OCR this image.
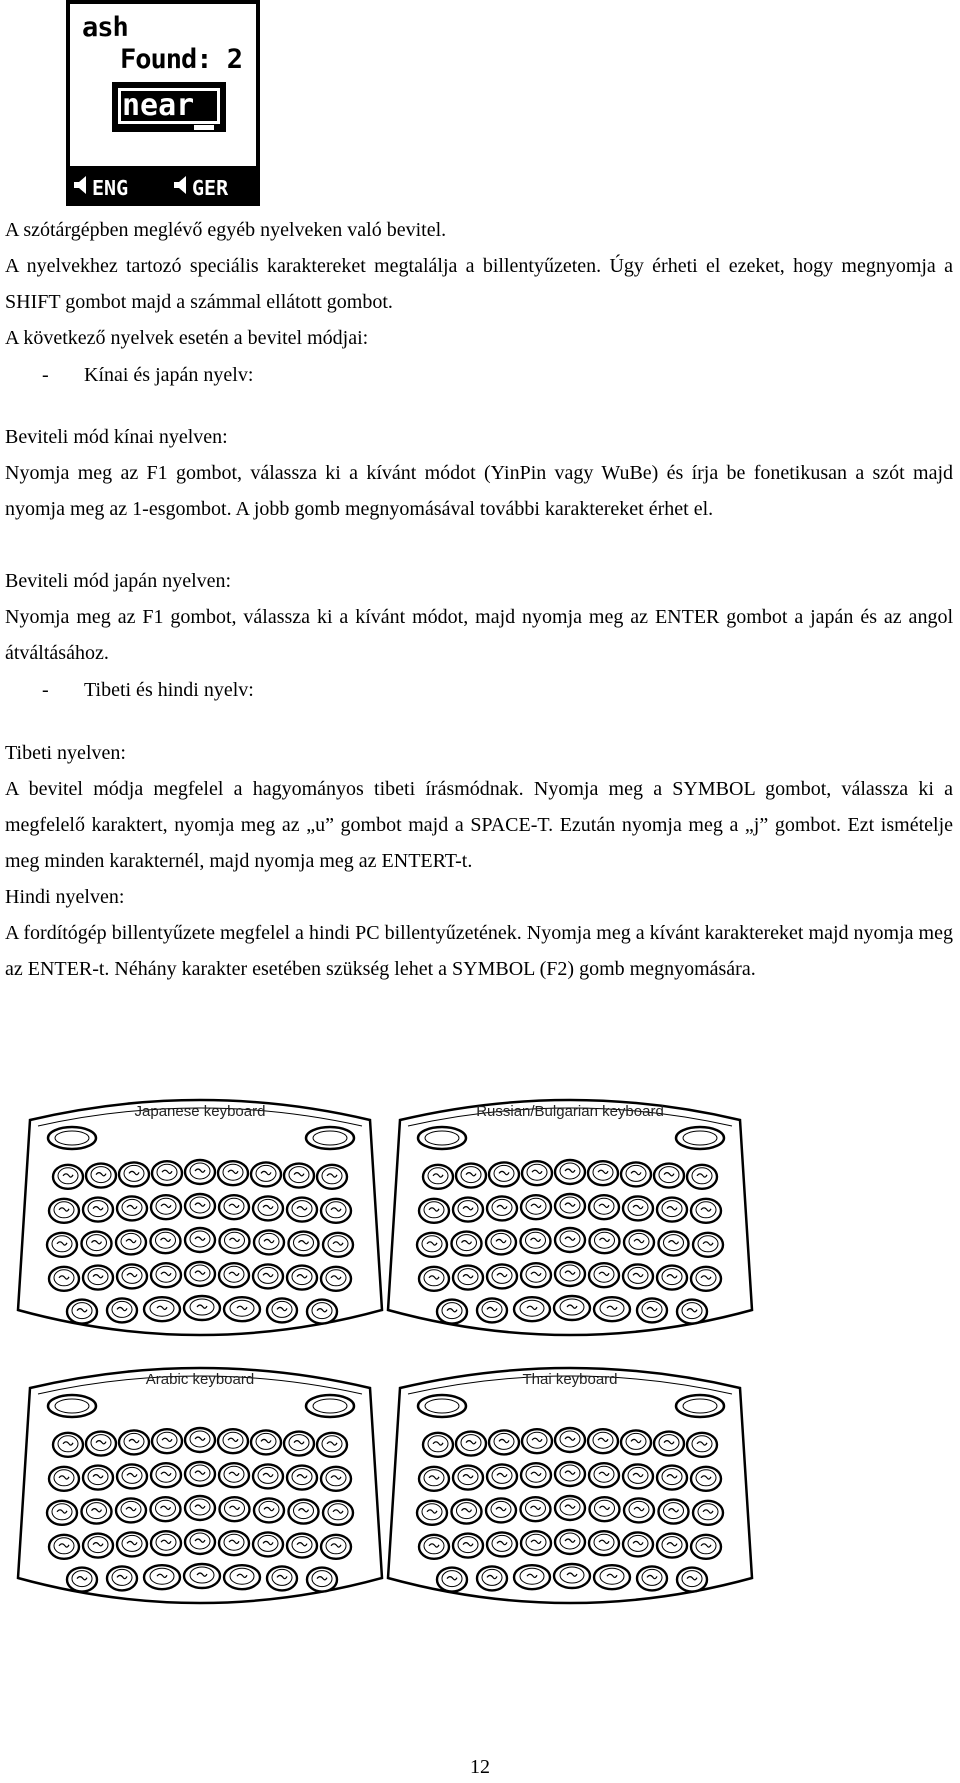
ash
Found: 2
near
ENG	GER

A szótárgépben meglévő egyéb nyelveken való bevitel.

A nyelvekhez tartozó speciális karaktereket megtalálja a billentyűzeten. Úgy érheti el ezeket, hogy megnyomja a SHIFT gombot majd a számmal ellátott gombot.

A következő nyelvek esetén a bevitel módjai:

- Kínai és japán nyelv:

Beviteli mód kínai nyelven:

Nyomja meg az F1 gombot, válassza ki a kívánt módot (YinPin vagy WuBe) és írja be fonetikusan a szót majd nyomja meg az 1-esgombot. A jobb gomb megnyomásával további karaktereket érhet el.

Beviteli mód japán nyelven:

Nyomja meg az F1 gombot, válassza ki a kívánt módot, majd nyomja meg az ENTER gombot a japán és az angol átváltásához.

- Tibeti és hindi nyelv:

Tibeti nyelven:

A bevitel módja megfelel a hagyományos tibeti írásmódnak. Nyomja meg a SYMBOL gombot, válassza ki a megfelelő karaktert, nyomja meg az „u” gombot majd a SPACE-T. Ezután nyomja meg a „j” gombot. Ezt ismételje meg minden karakternél, majd nyomja meg az ENTERT-t.

Hindi nyelven:

A fordítógép billentyűzete megfelel a hindi PC billentyűzetének. Nyomja meg a kívánt karaktereket majd nyomja meg az ENTER-t. Néhány karakter esetében szükség lehet a SYMBOL (F2) gomb megnyomására.

Japanese keyboard	Russian/Bulgarian keyboard
Arabic keyboard	Thai keyboard
12
